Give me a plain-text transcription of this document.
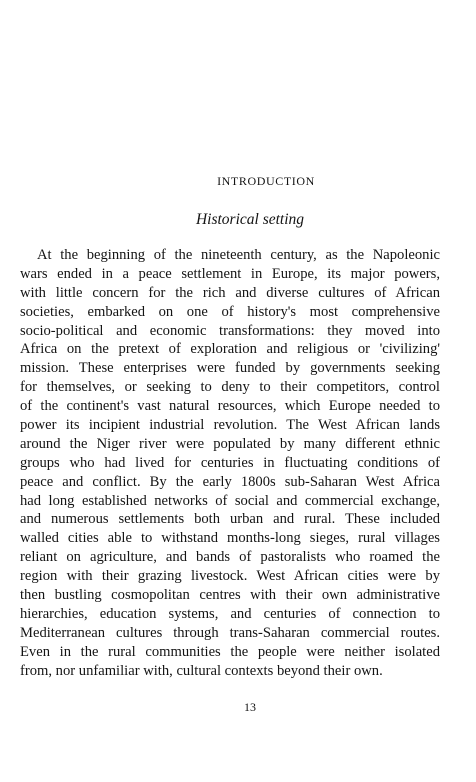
INTRODUCTION
Historical setting
At the beginning of the nineteenth century, as the Napoleonic
wars ended in a peace settlement in Europe, its major powers,
with little concern for the rich and diverse cultures of African
societies, embarked on one of history's most comprehensive
socio-political and economic transformations: they moved into
Africa on the pretext of exploration and religious or 'civilizing'
mission. These enterprises were funded by governments seeking
for themselves, or seeking to deny to their competitors, control
of the continent's vast natural resources, which Europe needed to
power its incipient industrial revolution. The West African lands
around the Niger river were populated by many different ethnic
groups who had lived for centuries in fluctuating conditions of
peace and conflict. By the early 1800s sub-Saharan West Africa
had long established networks of social and commercial exchange,
and numerous settlements both urban and rural. These included
walled cities able to withstand months-long sieges, rural villages
reliant on agriculture, and bands of pastoralists who roamed the
region with their grazing livestock. West African cities were by
then bustling cosmopolitan centres with their own administrative
hierarchies, education systems, and centuries of connection to
Mediterranean cultures through trans-Saharan commercial routes.
Even in the rural communities the people were neither isolated
from, nor unfamiliar with, cultural contexts beyond their own.
13
